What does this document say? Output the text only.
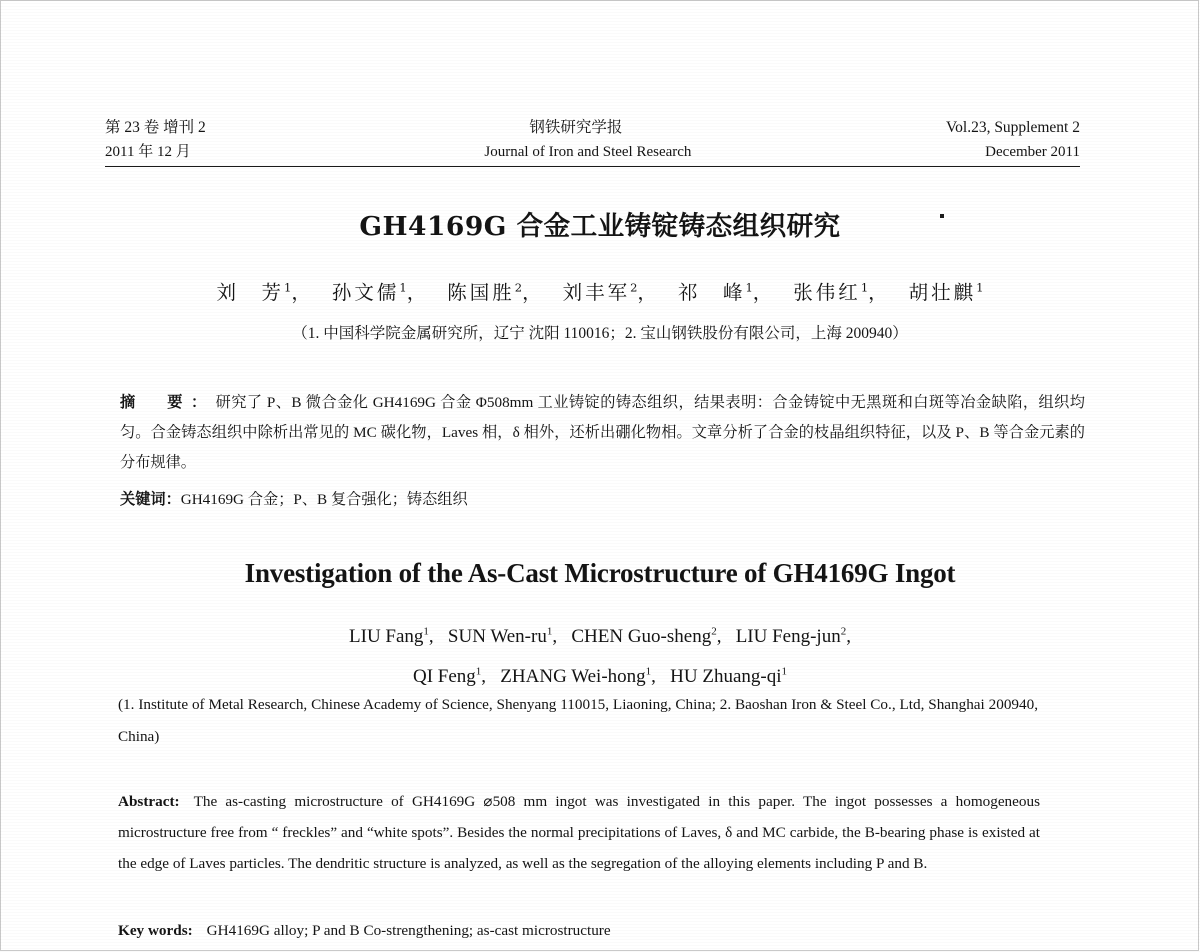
第 23 卷 增刊 2	钢铁研究学报	Vol.23, Supplement 2
2011 年 12 月	Journal of Iron and Steel Research	December 2011
GH4169G 合金工业铸锭铸态组织研究
刘　芳$^1$， 孙文儒$^1$， 陈国胜$^2$， 刘丰军$^2$， 祁　峰$^1$， 张伟红$^1$， 胡壮麒$^1$
（1. 中国科学院金属研究所，辽宁 沈阳 110016；2. 宝山钢铁股份有限公司，上海 200940）

摘　要：研究了 P、B 微合金化 GH4169G 合金 Φ508mm 工业铸锭的铸态组织，结果表明：合金铸锭中无黑斑和白斑等冶金缺陷，组织均匀。合金铸态组织中除析出常见的 MC 碳化物，Laves 相，δ 相外，还析出硼化物相。文章分析了合金的枝晶组织特征，以及 P、B 等合金元素的分布规律。

关键词：GH4169G 合金；P、B 复合强化；铸态组织
Investigation of the As-Cast Microstructure of GH4169G Ingot
LIU Fang$^1$, SUN Wen-$ru^1$, CHEN Guo-sheng$^2$, LIU Feng-jun$^2$,
QI Feng$^1$, ZHANG Wei-hong$^1$, HU Zhuang-$qi^1$

(1. Institute of Metal Research, Chinese Academy of Science, Shenyang 110015, Liaoning, China; 2. Baoshan Iron & Steel Co., Ltd, Shanghai 200940, China)

Abstract: The as-casting microstructure of GH4169G ⌀508 mm ingot was investigated in this paper. The ingot possesses a homogeneous microstructure free from “ freckles” and “white spots”. Besides the normal precipitations of Laves, δ and MC carbide, the B-bearing phase is existed at the edge of Laves particles. The dendritic structure is analyzed, as well as the segregation of the alloying elements including P and B.

Key words: GH4169G alloy; P and B Co-strengthening; as-cast microstructure
